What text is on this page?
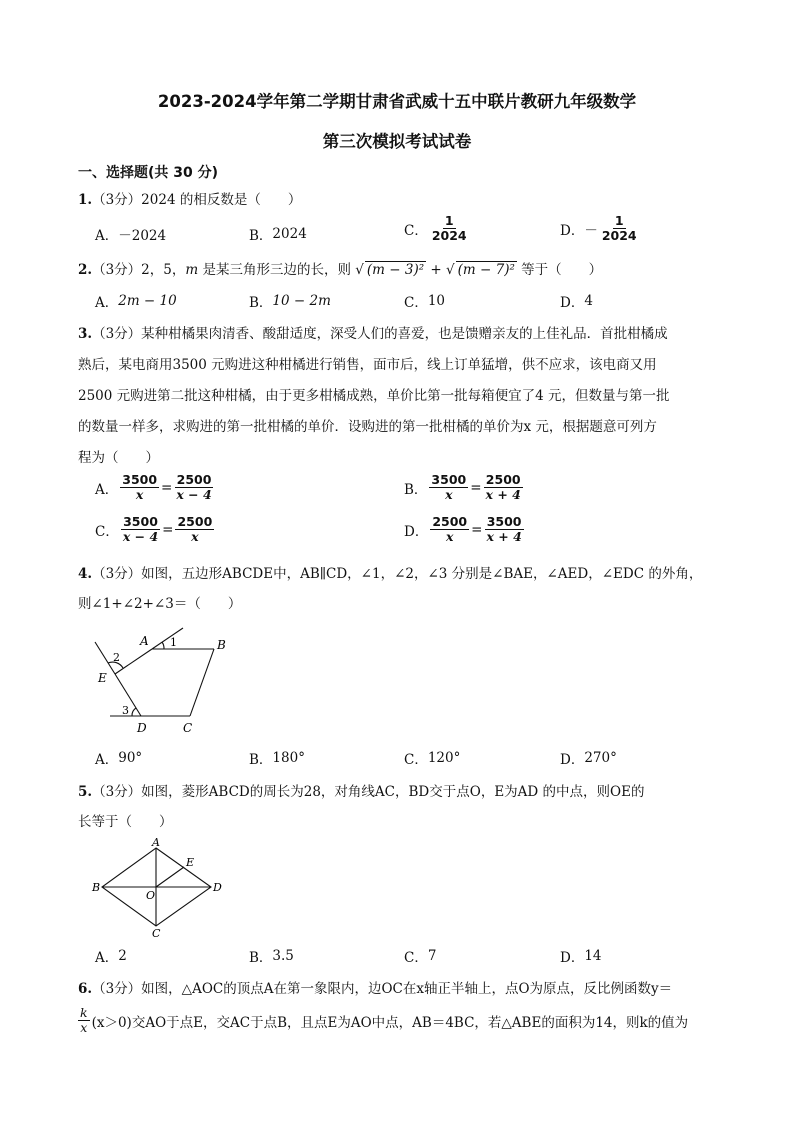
2023-2024学年第二学期甘肃省武威十五中联片教研九年级数学
第三次模拟考试试卷
一、选择题(共 30 分)
1.（3分）2024 的相反数是（　　）
A． －2024	B． 2024	C． $\frac{1}{2024}$	D． － $\frac{1}{2024}$
2.（3分）2，5，m 是某三角形三边的长，则 √ (m − 3)² + √ (m − 7)² 等于（　　）
A． 2m − 10	B． 10 − 2m	C． 10	D． 4
3.（3分）某种柑橘果肉清香、酸甜适度，深受人们的喜爱，也是馈赠亲友的上佳礼品．首批柑橘成
熟后，某电商用3500 元购进这种柑橘进行销售，面市后，线上订单猛增，供不应求，该电商又用
2500 元购进第二批这种柑橘，由于更多柑橘成熟，单价比第一批每箱便宜了4 元，但数量与第一批
的数量一样多，求购进的第一批柑橘的单价．设购进的第一批柑橘的单价为x 元，根据题意可列方
程为（　　）
A． $\frac{3500}{x} = \frac{2500}{x - 4}$	B． $\frac{3500}{x} = \frac{2500}{x + 4}$
C． $\frac{3500}{x - 4} = \frac{2500}{x}$	D． $\frac{2500}{x} = \frac{3500}{x + 4}$
4.（3分）如图，五边形ABCDE中，AB∥CD，∠1，∠2，∠3 分别是∠BAE，∠AED，∠EDC 的外角，
则∠1+∠2+∠3＝（　　）
A	B
C
D
E
1
2
3
A． 90°	B． 180°	C． 120°	D． 270°
5.（3分）如图，菱形ABCD的周长为28，对角线AC，BD交于点O，E为AD 的中点，则OE的
长等于（　　）
A
B
C
D
E
O
A． 2	B． 3.5	C． 7	D． 14
6.（3分）如图，△AOC的顶点A在第一象限内，边OC在x轴正半轴上，点O为原点，反比例函数y＝
$\frac{k}{x} (x>0)$交AO于点E，交AC于点B，且点E为AO中点，AB＝4BC，若△ABE的面积为14，则k的值为
